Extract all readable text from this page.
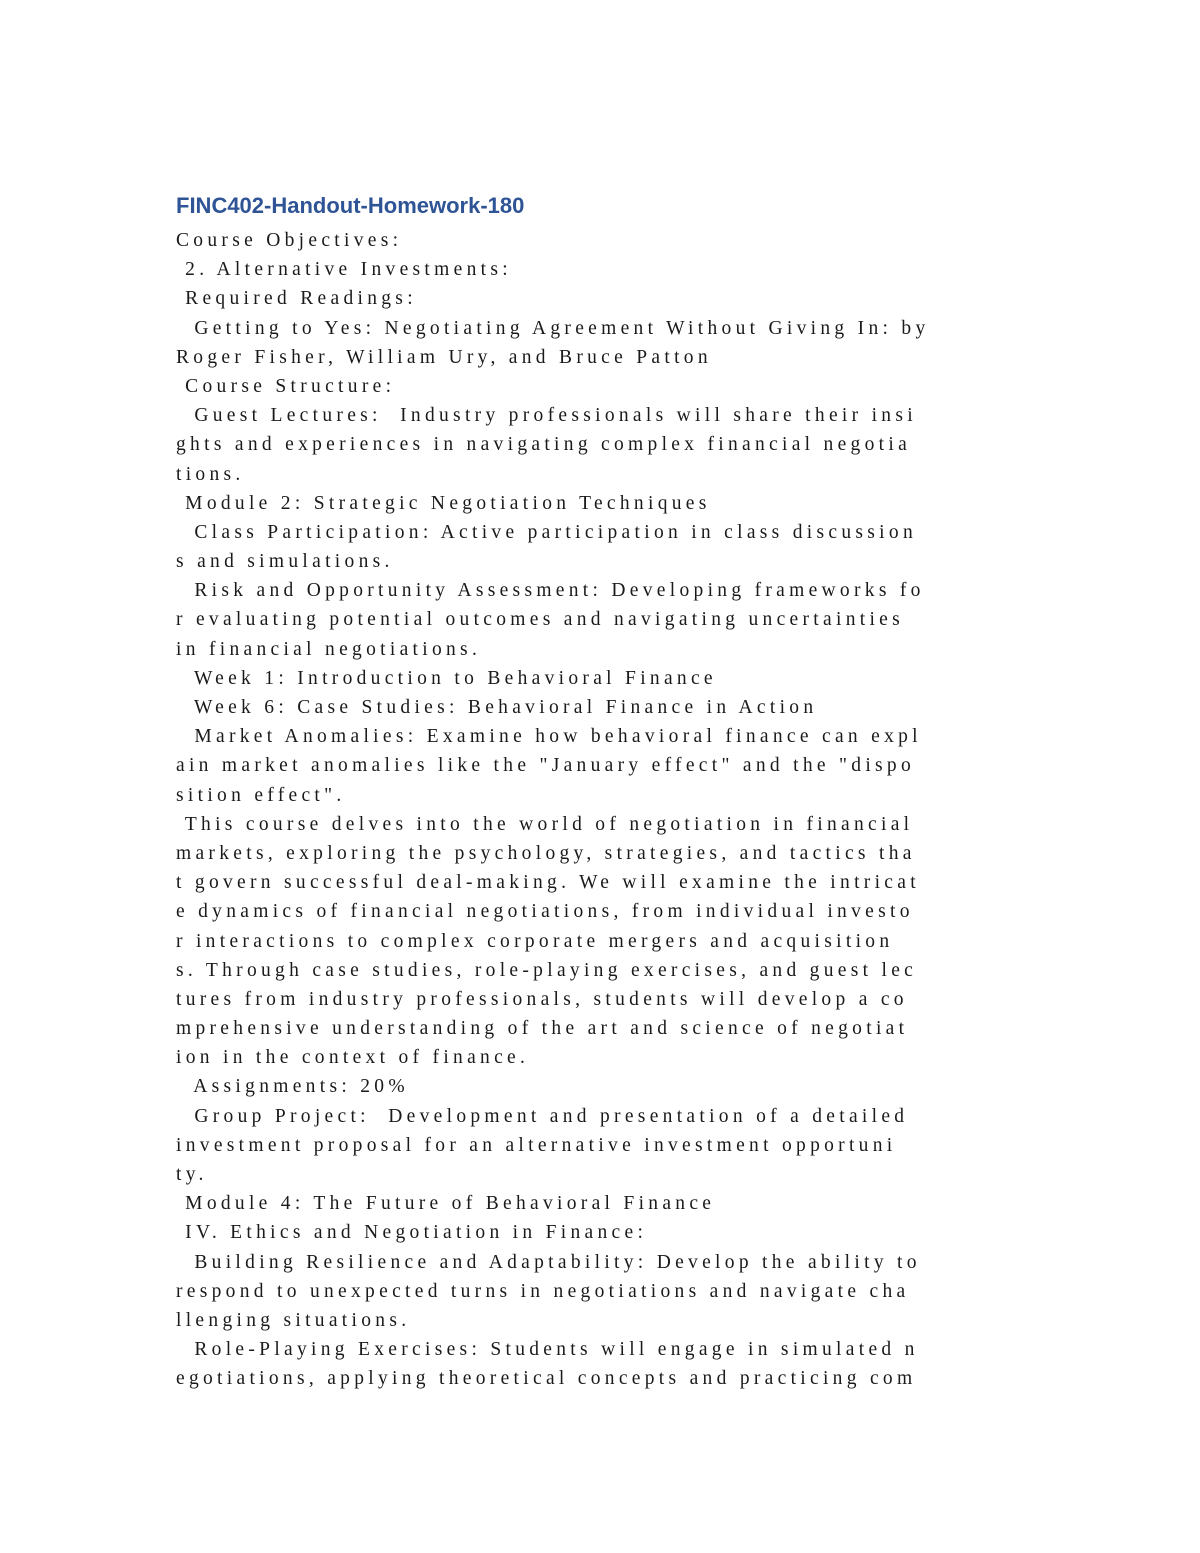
FINC402-Handout-Homework-180
Course Objectives:
2. Alternative Investments:
Required Readings:
Getting to Yes: Negotiating Agreement Without Giving In: by
Roger Fisher, William Ury, and Bruce Patton
Course Structure:
Guest Lectures:  Industry professionals will share their insi
ghts and experiences in navigating complex financial negotia
tions.
Module 2: Strategic Negotiation Techniques
Class Participation: Active participation in class discussion
s and simulations.
Risk and Opportunity Assessment: Developing frameworks fo
r evaluating potential outcomes and navigating uncertainties
in financial negotiations.
Week 1: Introduction to Behavioral Finance
Week 6: Case Studies: Behavioral Finance in Action
Market Anomalies: Examine how behavioral finance can expl
ain market anomalies like the "January effect" and the "dispo
sition effect".
This course delves into the world of negotiation in financial
markets, exploring the psychology, strategies, and tactics tha
t govern successful deal-making. We will examine the intricat
e dynamics of financial negotiations, from individual investo
r interactions to complex corporate mergers and acquisition
s. Through case studies, role-playing exercises, and guest lec
tures from industry professionals, students will develop a co
mprehensive understanding of the art and science of negotiat
ion in the context of finance.
Assignments: 20%
Group Project:  Development and presentation of a detailed
investment proposal for an alternative investment opportuni
ty.
Module 4: The Future of Behavioral Finance
IV. Ethics and Negotiation in Finance:
Building Resilience and Adaptability: Develop the ability to
respond to unexpected turns in negotiations and navigate cha
llenging situations.
Role-Playing Exercises: Students will engage in simulated n
egotiations, applying theoretical concepts and practicing com
